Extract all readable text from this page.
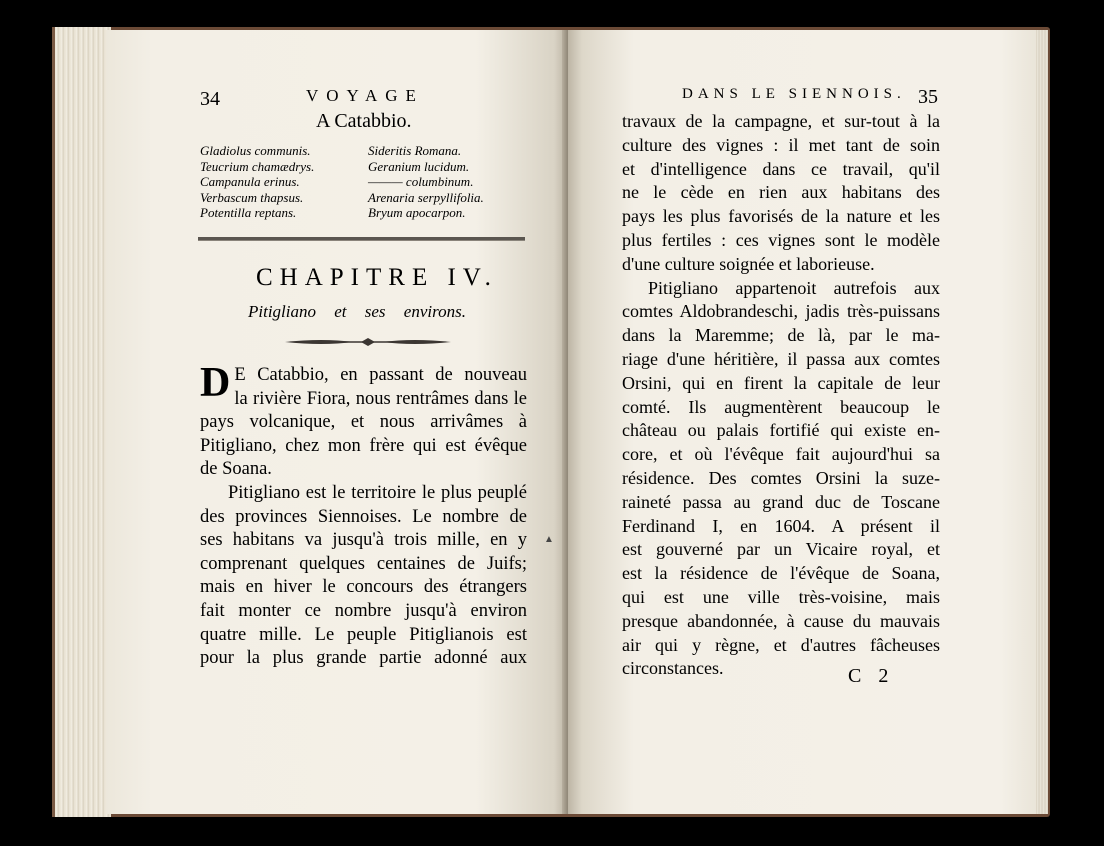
34	VOYAGE
A Catabbio.
Gladiolus communis.
Teucrium chamædrys.
Campanula erinus.
Verbascum thapsus.
Potentilla reptans.
Sideritis Romana.
Geranium lucidum.
——— columbinum.
Arenaria serpyllifolia.
Bryum apocarpon.
CHAPITRE IV.
Pitigliano et ses environs.
D E Catabbio, en passant de nouveau
la rivière Fiora, nous rentrâmes dans le
pays volcanique, et nous arrivâmes à
Pitigliano, chez mon frère qui est évêque
de Soana.
Pitigliano est le territoire le plus peuplé
des provinces Siennoises. Le nombre de
ses habitans va jusqu'à trois mille, en y
comprenant quelques centaines de Juifs;
mais en hiver le concours des étrangers
fait monter ce nombre jusqu'à environ
quatre mille. Le peuple Pitiglianois est
pour la plus grande partie adonné aux
▲
DANS LE SIENNOIS. 35
travaux de la campagne, et sur-tout à la
culture des vignes : il met tant de soin
et d'intelligence dans ce travail, qu'il
ne le cède en rien aux habitans des
pays les plus favorisés de la nature et les
plus fertiles : ces vignes sont le modèle
d'une culture soignée et laborieuse.
Pitigliano appartenoit autrefois aux
comtes Aldobrandeschi, jadis très-puissans
dans la Maremme; de là, par le ma-
riage d'une héritière, il passa aux comtes
Orsini, qui en firent la capitale de leur
comté. Ils augmentèrent beaucoup le
château ou palais fortifié qui existe en-
core, et où l'évêque fait aujourd'hui sa
résidence. Des comtes Orsini la suze-
raineté passa au grand duc de Toscane
Ferdinand I, en 1604. A présent il
est gouverné par un Vicaire royal, et
est la résidence de l'évêque de Soana,
qui est une ville très-voisine, mais
presque abandonnée, à cause du mauvais
air qui y règne, et d'autres fâcheuses
circonstances.	C 2
